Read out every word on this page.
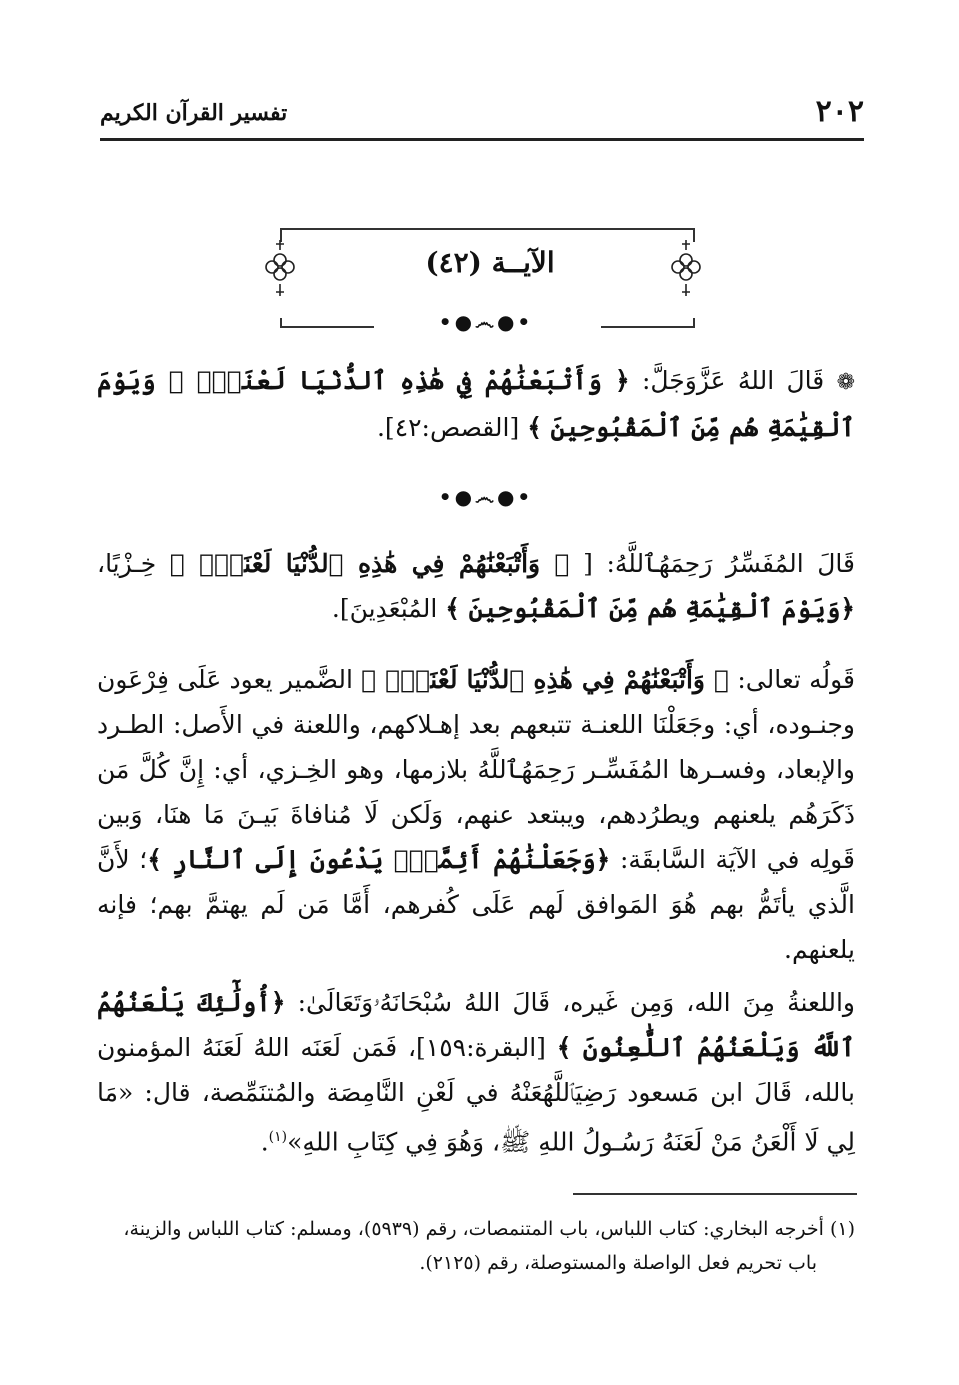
٢٠٢
تفسير القرآن الكريم
الآيــة (٤٢)
•●෴●•
❁ قَالَ اللهُ عَزَّوَجَلَّ: ﴿ وَأَتْبَعْنَٰهُمْ فِي هَٰذِهِ ٱلدُّنْيَا لَعْنَةًۭ ۖ وَيَوْمَ ٱلْقِيَٰمَةِ هُم مِّنَ ٱلْمَقْبُوحِينَ ﴾ [القصص:٤٢].
•●෴●•
قَالَ المُفَسِّرُ رَحِمَهُٱللَّهُ: [ ﴿ وَأَتْبَعْنَٰهُمْ فِي هَٰذِهِ ٱلدُّنْيَا لَعْنَةًۭ ﴾ خِـزْيًا، ﴿وَيَوْمَ ٱلْقِيَٰمَةِ هُم مِّنَ ٱلْمَقْبُوحِينَ ﴾ المُبْعَدِينَ].
قَولُه تعالى: ﴿ وَأَتْبَعْنَٰهُمْ فِي هَٰذِهِ ٱلدُّنْيَا لَعْنَةًۭ ﴾ الضَّمير يعود عَلَى فِرْعَون وجنـوده، أي: وجَعَلْنَا اللعنـة تتبعهم بعد إهـلاكهم، واللعنة في الأَصل: الطـرد والإبعاد، وفسـرها المُفَسِّـر رَحِمَهُٱللَّهُ بلازمها، وهو الخِـزي، أي: إِنَّ كُلَّ مَن ذَكَرَهُم يلعنهم ويطرُدهم، ويبتعد عنهم، وَلَكن لَا مُنافاةَ بَيـنَ مَا هنَا، وَبين قَولِه في الآيَة السَّابقَة: ﴿وَجَعَلْنَٰهُمْ أَئِمَّةًۭ يَدْعُونَ إِلَى ٱلنَّارِ ﴾؛ لأَنَّ الَّذي يأتَمُّ بهم هُوَ المَوافق لَهم عَلَى كُفرهم، أَمَّا مَن لَم يهتمَّ بهم؛ فإنه يلعنهم.
واللعنةُ مِنَ الله، وَمِن غَيره، قَالَ اللهُ سُبْحَانَهُۥوَتَعَالَىٰ: ﴿أُولَٰٓئِكَ يَلْعَنُهُمُ ٱللَّهُ وَيَلْعَنُهُمُ ٱللَّٰعِنُونَ ﴾ [البقرة:١٥٩]، فَمَن لَعَنَه اللهُ لَعَنَهُ المؤمنون بالله، قَالَ ابن مَسعود رَضِيَٱللَّهُعَنْهُ في لَعْنِ النَّامِصَة والمُتنَمِّصة، قال: «مَا لِي لَا أَلْعَنُ مَنْ لَعَنَهُ رَسُـولُ اللهِ ﷺ، وَهُوَ فِي كِتَابِ اللهِ»$^{(١)}$.
(١) أخرجه البخاري: كتاب اللباس، باب المتنمصات، رقم (٥٩٣٩)، ومسلم: كتاب اللباس والزينة،
باب تحريم فعل الواصلة والمستوصلة، رقم (٢١٢٥).
